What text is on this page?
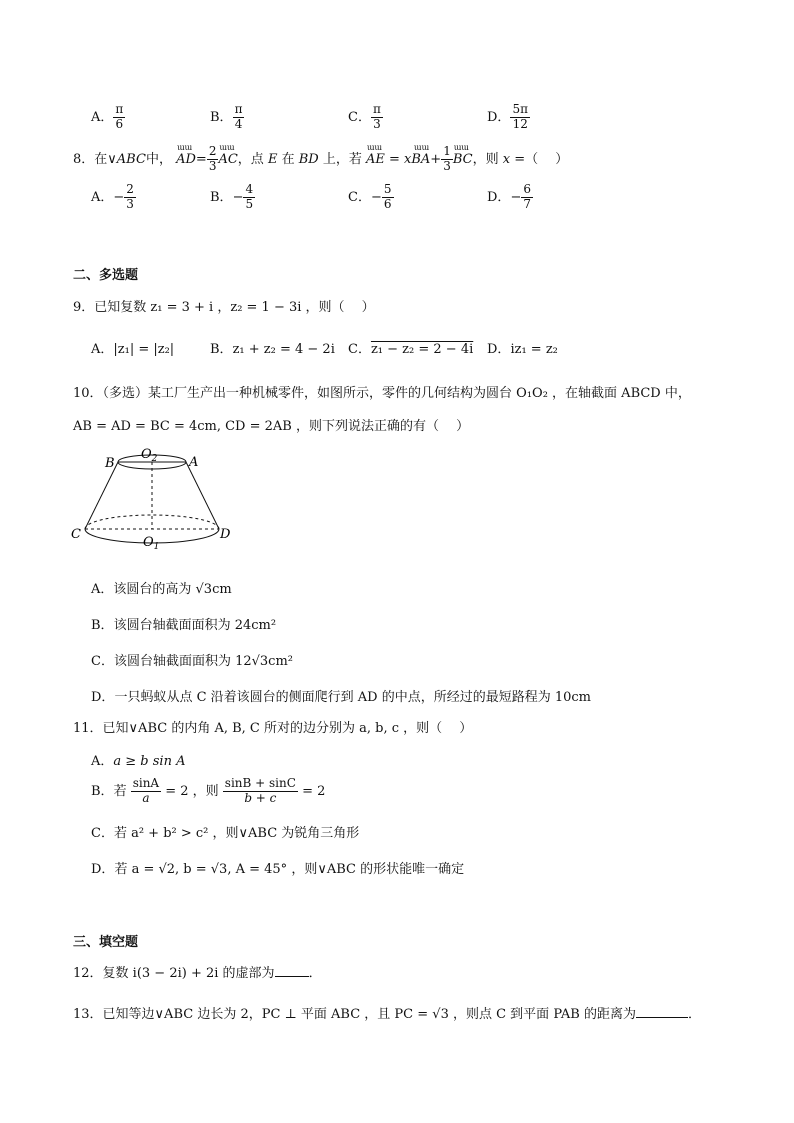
A． $\frac{\pi}{6}$	B． $\frac{\pi}{4}$	C． $\frac{\pi}{3}$	D． $\frac{5\pi}{12}$
8．在∨ABC中，
ɯɯ
$AD= \frac{2}{3}$ ɯɯ
AC，点 E 在 BD 上，若
ɯɯ
AE =
ɯɯ
$xBA+ \frac{1}{3}$ ɯɯ
BC，则 x =（　 ）
A．− $\frac{2}{3}$	B．− $\frac{4}{5}$	C．− $\frac{5}{6}$	D．− $\frac{6}{7}$
二、多选题
9．已知复数 z₁ = 3 + i ，z₂ = 1 − 3i ，则（　 ）
A．|z₁| = |z₂|	B．z₁ + z₂ = 4 − 2i C．z₁ − z₂ = 2 − 4i D．iz₁ = z₂
10．（多选）某工厂生产出一种机械零件，如图所示，零件的几何结构为圆台 O₁O₂ ，在轴截面 ABCD 中，
AB = AD = BC = 4cm, CD = 2AB ，则下列说法正确的有（　 ）
B	A
$O_2$
C	D
$O_1$
A．该圆台的高为 √3cm
B．该圆台轴截面面积为 24cm²
C．该圆台轴截面面积为 12√3cm²
D．一只蚂蚁从点 C 沿着该圆台的侧面爬行到 AD 的中点，所经过的最短路程为 10cm
11．已知∨ABC 的内角 A, B, C 所对的边分别为 a, b, c ，则（　 ）
A．a ≥ b sin A
B．若 $\frac{\sin A}{a} = 2$ ，则 $\frac{\sin B + \sin C}{b + c} = 2$
C．若 a² + b² > c² ，则∨ABC 为锐角三角形
D．若 a = √2, b = √3, A = 45° ，则∨ABC 的形状能唯一确定
三、填空题
12．复数 i(3 − 2i) + 2i 的虚部为	．
13．已知等边∨ABC 边长为 2，PC ⊥ 平面 ABC ，且 PC = √3 ，则点 C 到平面 PAB 的距离为	．
